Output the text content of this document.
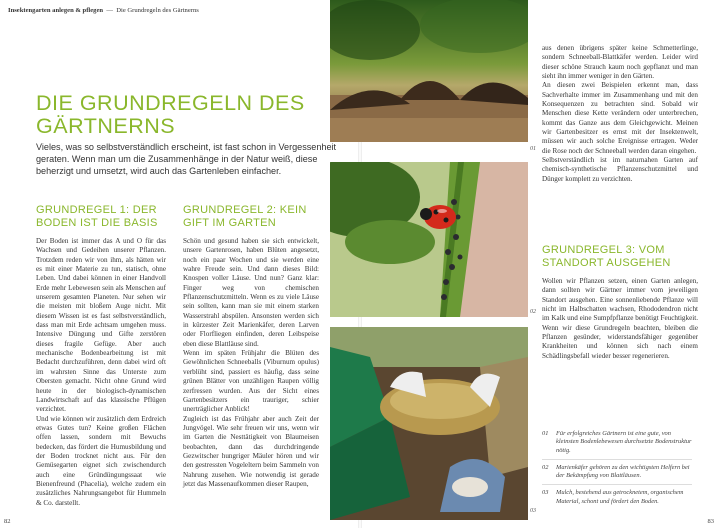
Insektengarten anlegen & pflegen — Die Grundregeln des Gärtnerns
DIE GRUNDREGELN DES GÄRTNERNS
Vieles, was so selbstverständlich erscheint, ist fast schon in Vergessenheit geraten. Wenn man um die Zusammenhänge in der Natur weiß, diese beherzigt und umsetzt, wird auch das Gartenleben einfacher.
GRUNDREGEL 1: DER BODEN IST DIE BASIS

Der Boden ist immer das A und O für das Wachsen und Gedeihen unserer Pflanzen. Trotzdem reden wir von ihm, als hätten wir es mit einer Materie zu tun, statisch, ohne Leben. Und dabei können in einer Handvoll Erde mehr Lebewesen sein als Menschen auf unserem gesamten Planeten. Nur sehen wir die meisten mit bloßem Auge nicht. Mit diesem Wissen ist es fast selbstverständlich, dass man mit Erde achtsam umgehen muss. Intensive Düngung und Gifte zerstören dieses fragile Gefüge. Aber auch mechanische Bodenbearbeitung ist mit Bedacht durchzuführen, denn dabei wird oft im wahrsten Sinne das Unterste zum Obersten gemacht. Nicht ohne Grund wird heute in der biologisch-dynamischen Landwirtschaft auf das klassische Pflügen verzichtet.

Und wie können wir zusätzlich dem Erdreich etwas Gutes tun? Keine großen Flächen offen lassen, sondern mit Bewuchs bedecken, das fördert die Humusbildung und der Boden trocknet nicht aus. Für den Gemüsegarten eignet sich zwischendurch auch eine Gründüngungssaat wie Bienenfreund (Phacelia), welche zudem ein zusätzliches Nahrungsangebot für Hummeln & Co. darstellt.

GRUNDREGEL 2: KEIN GIFT IM GARTEN

Schön und gesund haben sie sich entwickelt, unsere Gartenrosen, haben Blüten angesetzt, noch ein paar Wochen und sie werden eine wahre Freude sein. Und dann dieses Bild: Knospen voller Läuse. Und nun? Ganz klar: Finger weg von chemischen Pflanzenschutzmitteln. Wenn es zu viele Läuse sein sollten, kann man sie mit einem starken Wasserstrahl abspülen. Ansonsten werden sich in kürzester Zeit Marienkäfer, deren Larven oder Florfliegen einfinden, deren Leibspeise eben diese Blattläuse sind.

Wenn im späten Frühjahr die Blüten des Gewöhnlichen Schneeballs (Viburnum opulus) verblüht sind, passiert es häufig, dass seine grünen Blätter von unzähligen Raupen völlig zerfressen wurden. Aus der Sicht eines Gartenbesitzers ein trauriger, schier unerträglicher Anblick!

Zugleich ist das Frühjahr aber auch Zeit der Jungvögel. Wie sehr freuen wir uns, wenn wir im Garten die Nesttätigkeit von Blaumeisen beobachten, dann das durchdringende Gezwitscher hungriger Mäuler hören und wir den gestressten Vogeleltern beim Sammeln von Nahrung zusehen. Wie notwendig ist gerade jetzt das Massenaufkommen dieser Raupen,

01
02
03

aus denen übrigens später keine Schmetterlinge, sondern Schneeball-Blattkäfer werden. Leider wird dieser schöne Strauch kaum noch gepflanzt und man sieht ihn immer weniger in den Gärten.

An diesen zwei Beispielen erkennt man, dass Sachverhalte immer im Zusammenhang und mit den Konsequenzen zu betrachten sind. Sobald wir Menschen diese Kette verändern oder unterbrechen, kommt das Ganze aus dem Gleichgewicht. Meinen wir Gartenbesitzer es ernst mit der Insektenwelt, müssen wir auch solche Ereignisse ertragen. Weder die Rose noch der Schneeball werden daran eingehen.

Selbstverständlich ist im naturnahen Garten auf chemisch-synthetische Pflanzenschutzmittel und Dünger komplett zu verzichten.

GRUNDREGEL 3: VOM STANDORT AUSGEHEN

Wollen wir Pflanzen setzen, einen Garten anlegen, dann sollten wir Gärtner immer vom jeweiligen Standort ausgehen. Eine sonnenliebende Pflanze will nicht im Halbschatten wachsen, Rhododendron nicht im Kalk und eine Sumpfpflanze benötigt Feuchtigkeit. Wenn wir diese Grundregeln beachten, bleiben die Pflanzen gesünder, widerstandsfähiger gegenüber Krankheiten und können sich nach einem Schädlingsbefall wieder besser regenerieren.

01	Für erfolgreiches Gärtnern ist eine gute, von kleinsten Bodenlebewesen durchsetzte Bodenstruktur nötig.
02	Marienkäfer gehören zu den wichtigsten Helfern bei der Bekämpfung von Blattläusen.
03	Mulch, bestehend aus getrocknetem, organischem Material, schont und fördert den Boden.
82	83
